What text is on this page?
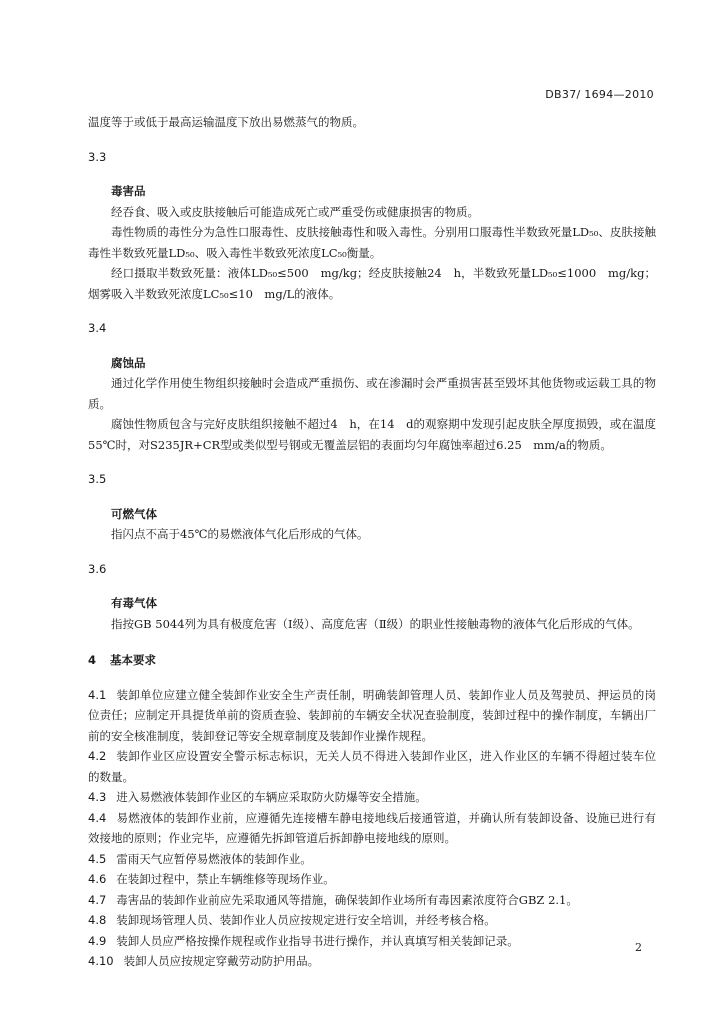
DB37/ 1694—2010

温度等于或低于最高运输温度下放出易燃蒸气的物质。

3.3

毒害品

经吞食、吸入或皮肤接触后可能造成死亡或严重受伤或健康损害的物质。

毒性物质的毒性分为急性口服毒性、皮肤接触毒性和吸入毒性。分别用口服毒性半数致死量LD₅₀、皮肤接触毒性半数致死量LD₅₀、吸入毒性半数致死浓度LC₅₀衡量。

经口摄取半数致死量：液体LD₅₀≤500　mg/kg；经皮肤接触24　h，半数致死量LD₅₀≤1000　mg/kg；烟雾吸入半数致死浓度LC₅₀≤10　mg/L的液体。

3.4

腐蚀品

通过化学作用使生物组织接触时会造成严重损伤、或在渗漏时会严重损害甚至毁坏其他货物或运载工具的物质。

腐蚀性物质包含与完好皮肤组织接触不超过4　h，在14　d的观察期中发现引起皮肤全厚度损毁，或在温度55℃时，对S235JR+CR型或类似型号钢或无覆盖层铝的表面均匀年腐蚀率超过6.25　mm/a的物质。

3.5

可燃气体

指闪点不高于45℃的易燃液体气化后形成的气体。

3.6

有毒气体

指按GB 5044列为具有极度危害（Ⅰ级）、高度危害（Ⅱ级）的职业性接触毒物的液体气化后形成的气体。

4 基本要求

4.1 装卸单位应建立健全装卸作业安全生产责任制，明确装卸管理人员、装卸作业人员及驾驶员、押运员的岗位责任；应制定开具提货单前的资质查验、装卸前的车辆安全状况查验制度，装卸过程中的操作制度，车辆出厂前的安全核准制度，装卸登记等安全规章制度及装卸作业操作规程。

4.2 装卸作业区应设置安全警示标志标识，无关人员不得进入装卸作业区，进入作业区的车辆不得超过装车位的数量。

4.3 进入易燃液体装卸作业区的车辆应采取防火防爆等安全措施。

4.4 易燃液体的装卸作业前，应遵循先连接槽车静电接地线后接通管道，并确认所有装卸设备、设施已进行有效接地的原则；作业完毕，应遵循先拆卸管道后拆卸静电接地线的原则。

4.5 雷雨天气应暂停易燃液体的装卸作业。

4.6 在装卸过程中，禁止车辆维修等现场作业。

4.7 毒害品的装卸作业前应先采取通风等措施，确保装卸作业场所有毒因素浓度符合GBZ 2.1。

4.8 装卸现场管理人员、装卸作业人员应按规定进行安全培训，并经考核合格。

4.9 装卸人员应严格按操作规程或作业指导书进行操作，并认真填写相关装卸记录。

4.10 装卸人员应按规定穿戴劳动防护用品。

2
